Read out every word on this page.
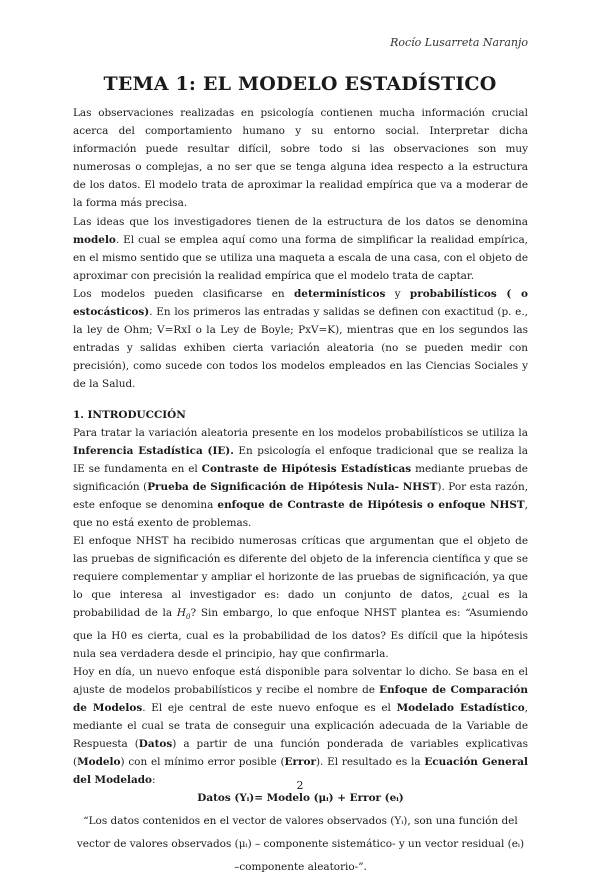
Rocío Lusarreta Naranjo
TEMA 1: EL MODELO ESTADÍSTICO

Las observaciones realizadas en psicología contienen mucha información crucial acerca del comportamiento humano y su entorno social. Interpretar dicha información puede resultar difícil, sobre todo si las observaciones son muy numerosas o complejas, a no ser que se tenga alguna idea respecto a la estructura de los datos. El modelo trata de aproximar la realidad empírica que va a moderar de la forma más precisa.

Las ideas que los investigadores tienen de la estructura de los datos se denomina modelo. El cual se emplea aquí como una forma de simplificar la realidad empírica, en el mismo sentido que se utiliza una maqueta a escala de una casa, con el objeto de aproximar con precisión la realidad empírica que el modelo trata de captar.

Los modelos pueden clasificarse en determinísticos y probabilísticos ( o estocásticos). En los primeros las entradas y salidas se definen con exactitud (p. e., la ley de Ohm; V=RxI o la Ley de Boyle; PxV=K), mientras que en los segundos las entradas y salidas exhiben cierta variación aleatoria (no se pueden medir con precisión), como sucede con todos los modelos empleados en las Ciencias Sociales y de la Salud.

1. INTRODUCCIÓN

Para tratar la variación aleatoria presente en los modelos probabilísticos se utiliza la Inferencia Estadística (IE). En psicología el enfoque tradicional que se realiza la IE se fundamenta en el Contraste de Hipótesis Estadísticas mediante pruebas de significación (Prueba de Significación de Hipótesis Nula- NHST). Por esta razón, este enfoque se denomina enfoque de Contraste de Hipótesis o enfoque NHST, que no está exento de problemas.

El enfoque NHST ha recibido numerosas críticas que argumentan que el objeto de las pruebas de significación es diferente del objeto de la inferencia científica y que se requiere complementar y ampliar el horizonte de las pruebas de significación, ya que lo que interesa al investigador es: dado un conjunto de datos, ¿cual es la probabilidad de la $H_0$? Sin embargo, lo que enfoque NHST plantea es: “Asumiendo que la H0 es cierta, cual es la probabilidad de los datos? Es difícil que la hipótesis nula sea verdadera desde el principio, hay que confirmarla.

Hoy en día, un nuevo enfoque está disponible para solventar lo dicho. Se basa en el ajuste de modelos probabilísticos y recibe el nombre de Enfoque de Comparación de Modelos. El eje central de este nuevo enfoque es el Modelado Estadístico, mediante el cual se trata de conseguir una explicación adecuada de la Variable de Respuesta (Datos) a partir de una función ponderada de variables explicativas (Modelo) con el mínimo error posible (Error). El resultado es la Ecuación General del Modelado:

Datos (Yᵢ)= Modelo (μᵢ) + Error (eᵢ)

“Los datos contenidos en el vector de valores observados (Yᵢ), son una función del
vector de valores observados (μᵢ) – componente sistemático- y un vector residual (eᵢ)
–componente aleatorio-”.
2
